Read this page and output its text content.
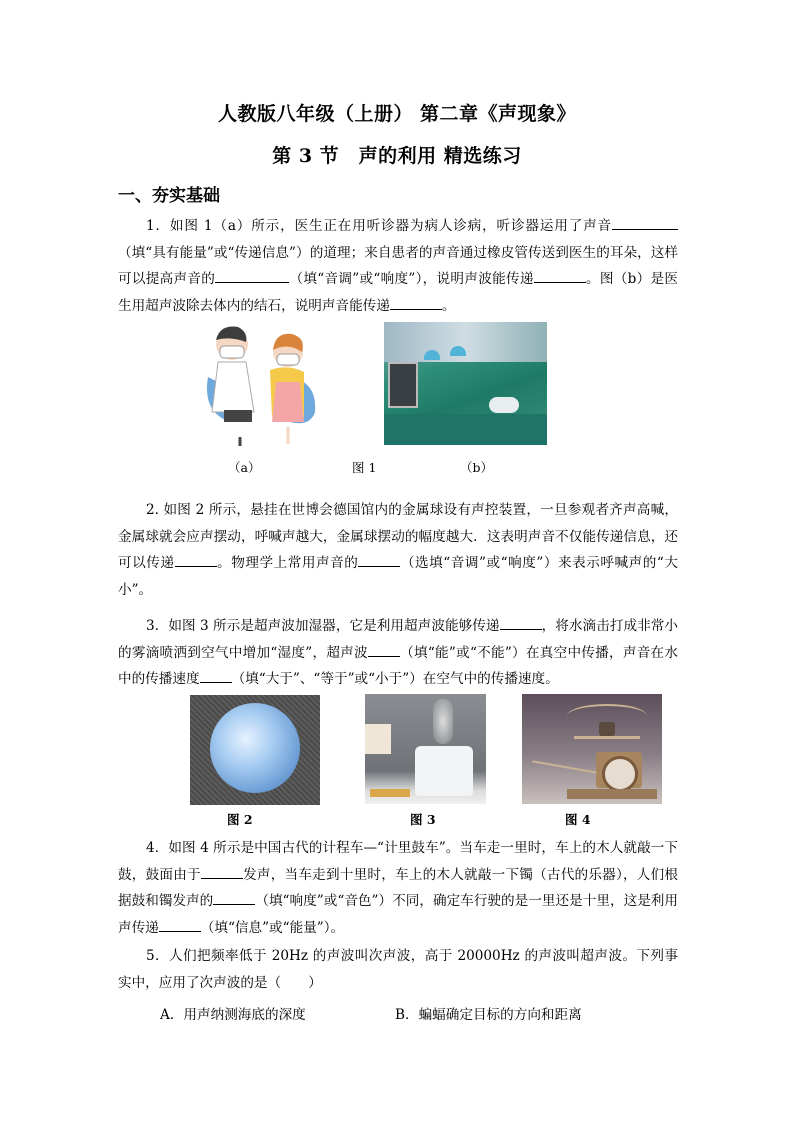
人教版八年级（上册） 第二章《声现象》
第 3 节　声的利用 精选练习
一、夯实基础
1．如图 1（a）所示，医生正在用听诊器为病人诊病，听诊器运用了声音（填“具有能量”或“传递信息”）的道理；来自患者的声音通过橡皮管传送到医生的耳朵，这样可以提高声音的	（填“音调”或“响度”），说明声波能传递	。图（b）是医生用超声波除去体内的结石，说明声音能传递	。
（a）	图 1	（b）
2. 如图 2 所示，悬挂在世博会德国馆内的金属球设有声控装置，一旦参观者齐声高喊，金属球就会应声摆动，呼喊声越大，金属球摆动的幅度越大．这表明声音不仅能传递信息，还可以传递	。物理学上常用声音的	（选填“音调”或“响度”）来表示呼喊声的“大小”。
3．如图 3 所示是超声波加湿器，它是利用超声波能够传递	，将水滴击打成非常小的雾滴喷洒到空气中增加“湿度”，超声波 （填“能”或“不能”）在真空中传播，声音在水中的传播速度 （填“大于”、“等于”或“小于”）在空气中的传播速度。
图 2	图 3	图 4
4．如图 4 所示是中国古代的计程车—“计里鼓车”。当车走一里时，车上的木人就敲一下鼓，鼓面由于	发声，当车走到十里时，车上的木人就敲一下镯（古代的乐器），人们根据鼓和镯发声的	（填“响度”或“音色”）不同，确定车行驶的是一里还是十里，这是利用声传递	（填“信息”或“能量”）。
5．人们把频率低于 20Hz 的声波叫次声波，高于 20000Hz 的声波叫超声波。下列事实中，应用了次声波的是（　　）
A．用声纳测海底的深度	B．蝙蝠确定目标的方向和距离
